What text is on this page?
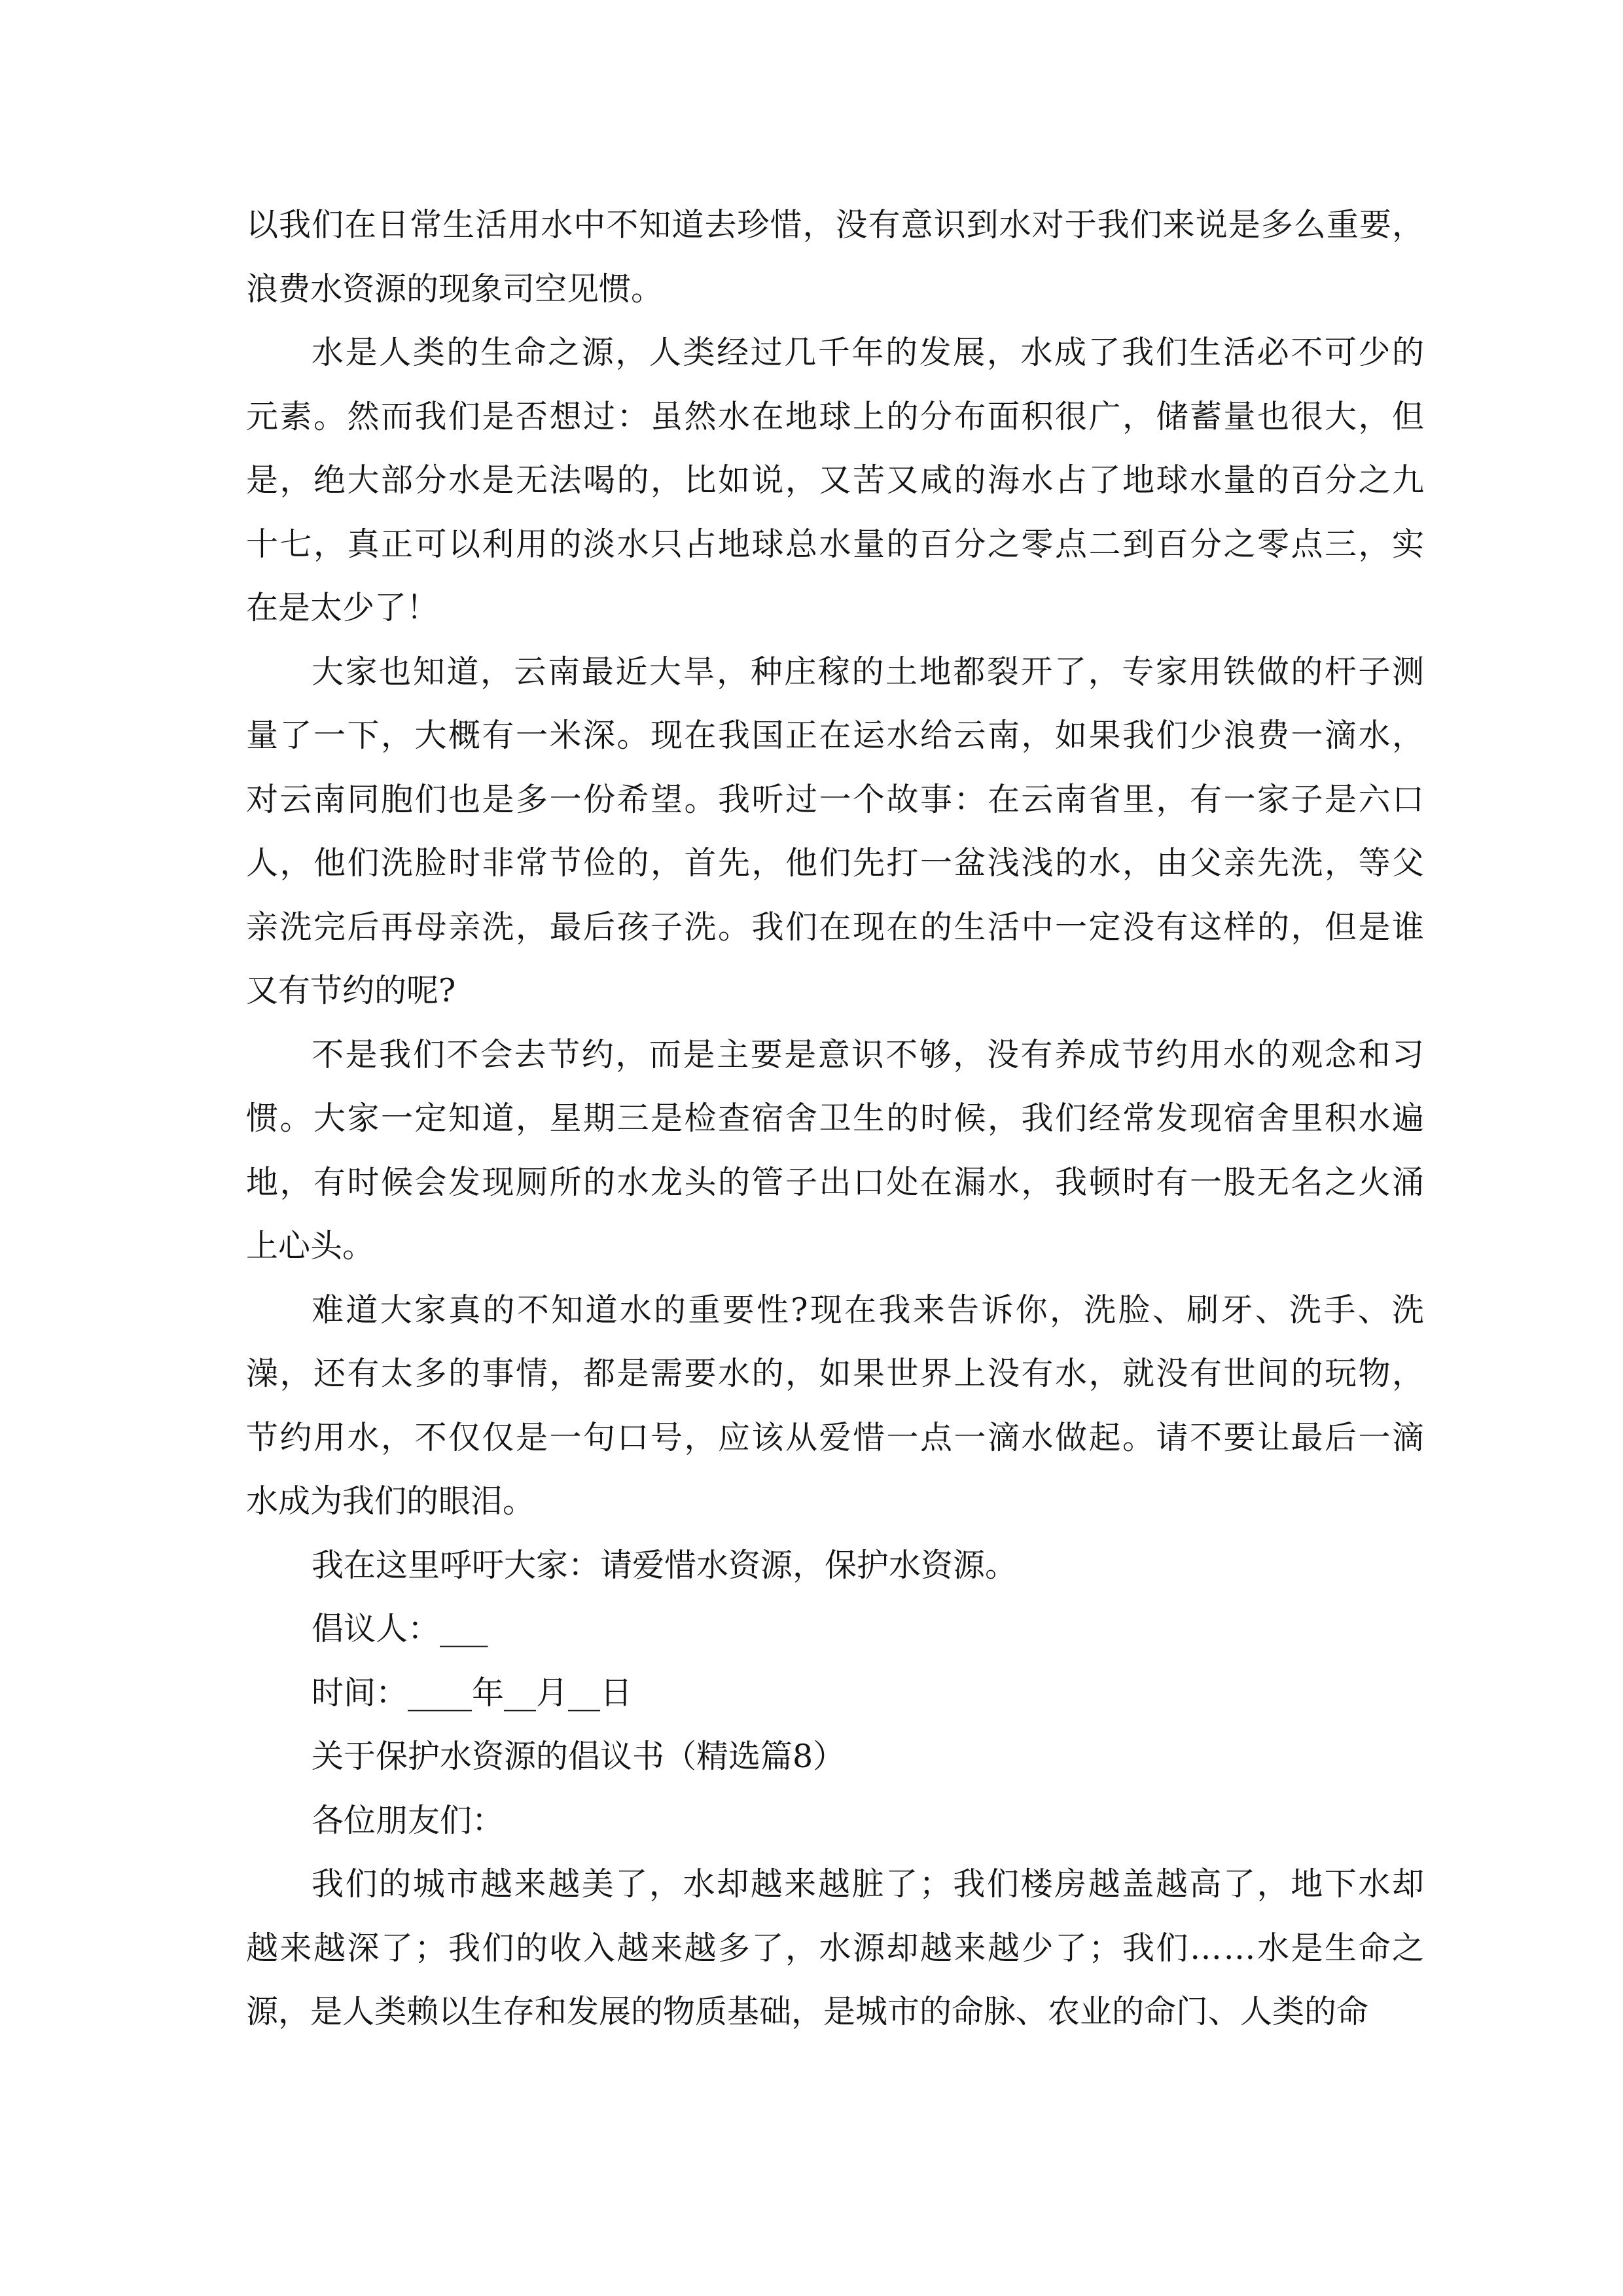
以我们在日常生活用水中不知道去珍惜，没有意识到水对于我们来说是多么重要，
浪费水资源的现象司空见惯。

水是人类的生命之源，人类经过几千年的发展，水成了我们生活必不可少的
元素。然而我们是否想过：虽然水在地球上的分布面积很广，储蓄量也很大，但
是，绝大部分水是无法喝的，比如说，又苦又咸的海水占了地球水量的百分之九
十七，真正可以利用的淡水只占地球总水量的百分之零点二到百分之零点三，实
在是太少了！

大家也知道，云南最近大旱，种庄稼的土地都裂开了，专家用铁做的杆子测
量了一下，大概有一米深。现在我国正在运水给云南，如果我们少浪费一滴水，
对云南同胞们也是多一份希望。我听过一个故事：在云南省里，有一家子是六口
人，他们洗脸时非常节俭的，首先，他们先打一盆浅浅的水，由父亲先洗，等父
亲洗完后再母亲洗，最后孩子洗。我们在现在的生活中一定没有这样的，但是谁
又有节约的呢?

不是我们不会去节约，而是主要是意识不够，没有养成节约用水的观念和习
惯。大家一定知道，星期三是检查宿舍卫生的时候，我们经常发现宿舍里积水遍
地，有时候会发现厕所的水龙头的管子出口处在漏水，我顿时有一股无名之火涌
上心头。

难道大家真的不知道水的重要性?现在我来告诉你，洗脸、刷牙、洗手、洗
澡，还有太多的事情，都是需要水的，如果世界上没有水，就没有世间的玩物，
节约用水，不仅仅是一句口号，应该从爱惜一点一滴水做起。请不要让最后一滴
水成为我们的眼泪。

我在这里呼吁大家：请爱惜水资源，保护水资源。

倡议人：___

时间：____年__月__日

关于保护水资源的倡议书（精选篇8）

各位朋友们：

我们的城市越来越美了，水却越来越脏了；我们楼房越盖越高了，地下水却
越来越深了；我们的收入越来越多了，水源却越来越少了；我们……水是生命之
源，是人类赖以生存和发展的物质基础，是城市的命脉、农业的命门、人类的命
